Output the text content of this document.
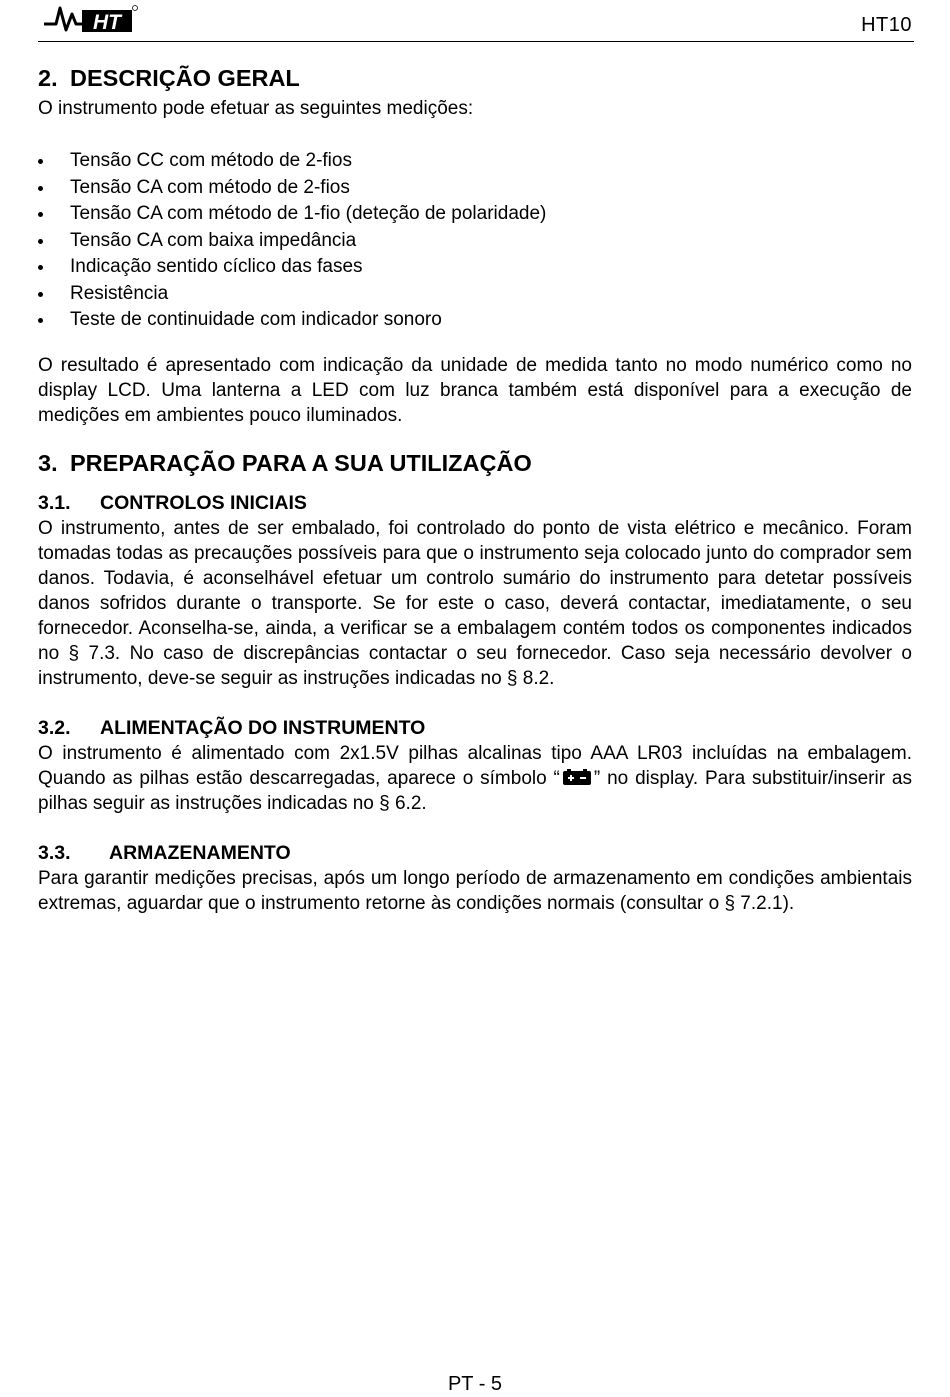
HT	HT10
2. DESCRIÇÃO GERAL
O instrumento pode efetuar as seguintes medições:
Tensão CC com método de 2-fios
Tensão CA com método de 2-fios
Tensão CA com método de 1-fio (deteção de polaridade)
Tensão CA com baixa impedância
Indicação sentido cíclico das fases
Resistência
Teste de continuidade com indicador sonoro
O resultado é apresentado com indicação da unidade de medida tanto no modo numérico como no display LCD. Uma lanterna a LED com luz branca também está disponível para a execução de medições em ambientes pouco iluminados.
3. PREPARAÇÃO PARA A SUA UTILIZAÇÃO
3.1. CONTROLOS INICIAIS
O instrumento, antes de ser embalado, foi controlado do ponto de vista elétrico e mecânico. Foram tomadas todas as precauções possíveis para que o instrumento seja colocado junto do comprador sem danos. Todavia, é aconselhável efetuar um controlo sumário do instrumento para detetar possíveis danos sofridos durante o transporte. Se for este o caso, deverá contactar, imediatamente, o seu fornecedor. Aconselha-se, ainda, a verificar se a embalagem contém todos os componentes indicados no § 7.3. No caso de discrepâncias contactar o seu fornecedor. Caso seja necessário devolver o instrumento, deve-se seguir as instruções indicadas no § 8.2.
3.2. ALIMENTAÇÃO DO INSTRUMENTO
O instrumento é alimentado com 2x1.5V pilhas alcalinas tipo AAA LR03 incluídas na embalagem. Quando as pilhas estão descarregadas, aparece o símbolo “ ” no display. Para substituir/inserir as pilhas seguir as instruções indicadas no § 6.2.
3.3. ARMAZENAMENTO
Para garantir medições precisas, após um longo período de armazenamento em condições ambientais extremas, aguardar que o instrumento retorne às condições normais (consultar o § 7.2.1).
PT - 5
